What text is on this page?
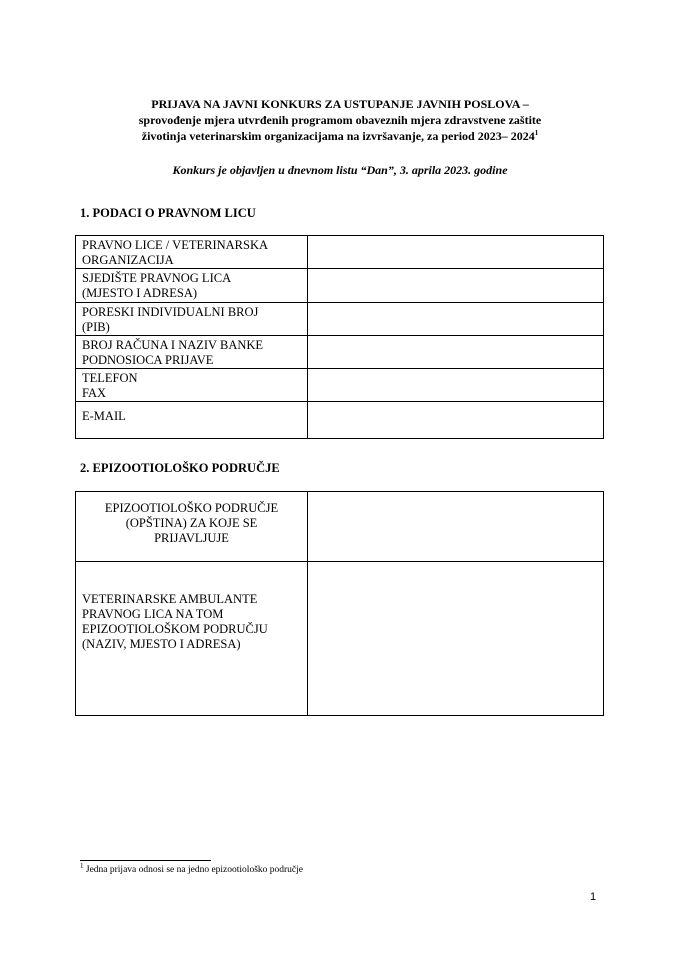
PRIJAVA NA JAVNI KONKURS ZA USTUPANJE JAVNIH POSLOVA –
sprovođenje mjera utvrđenih programom obaveznih mjera zdravstvene zaštite
životinja veterinarskim organizacijama na izvršavanje, za period 2023– 2024$^1$
Konkurs je objavljen u dnevnom listu “Dan”, 3. aprila 2023. godine
1. PODACI O PRAVNOM LICU
PRAVNO LICE / VETERINARSKA
ORGANIZACIJA	

SJEDIŠTE PRAVNOG LICA
(MJESTO I ADRESA)	

PORESKI INDIVIDUALNI BROJ
(PIB)	

BROJ RAČUNA I NAZIV BANKE
PODNOSIOCA PRIJAVE	

TELEFON
FAX	

E-MAIL	

2. EPIZOOTIOLOŠKO PODRUČJE
EPIZOOTIOLOŠKO PODRUČJE
(OPŠTINA) ZA KOJE SE
PRIJAVLJUJE	

VETERINARSKE AMBULANTE
PRAVNOG LICA NA TOM
EPIZOOTIOLOŠKOM PODRUČJU
(NAZIV, MJESTO I ADRESA)	

$^1$ Jedna prijava odnosi se na jedno epizootiološko područje
1
